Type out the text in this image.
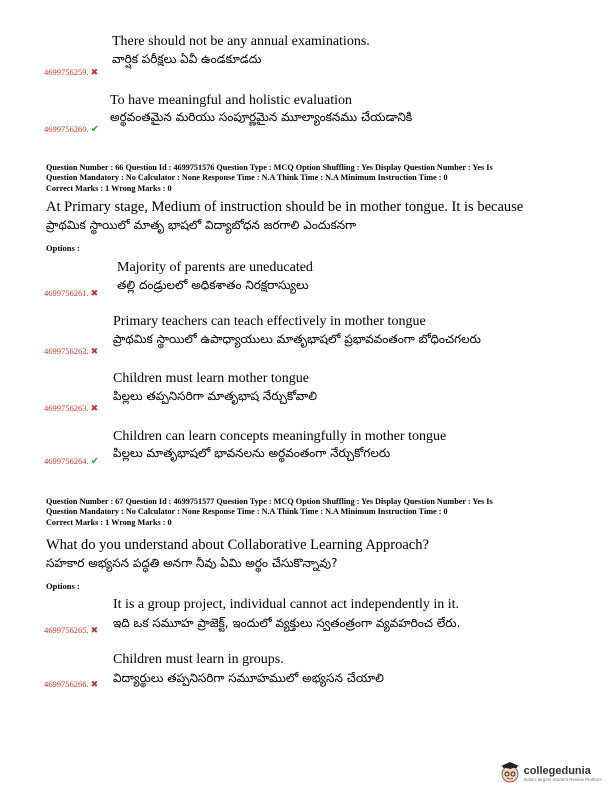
There should not be any annual examinations.
వార్షిక పరీక్షలు ఏవీ ఉండకూడదు
4699756259. ✖
To have meaningful and holistic evaluation
అర్థవంతమైన మరియు సంపూర్ణమైన మూల్యాంకనము చేయడానికి
4699756260. ✔
Question Number : 66 Question Id : 4699751576 Question Type : MCQ Option Shuffling : Yes Display Question Number : Yes Is
Question Mandatory : No Calculator : None Response Time : N.A Think Time : N.A Minimum Instruction Time : 0
Correct Marks : 1 Wrong Marks : 0
At Primary stage, Medium of instruction should be in mother tongue. It is because
ప్రాథమిక స్థాయిలో మాతృ భాషలో విద్యాబోధన జరగాలి ఎందుకనగా
Options :
Majority of parents are uneducated
తల్లి దండ్రులలో అధికశాతం నిరక్షరాస్యులు
4699756261. ✖
Primary teachers can teach effectively in mother tongue
ప్రాథమిక స్థాయిలో ఉపాధ్యాయులు మాతృభాషలో ప్రభావవంతంగా బోధించగలరు
4699756262. ✖
Children must learn mother tongue
పిల్లలు తప్పనిసరిగా మాతృభాష నేర్చుకోవాలి
4699756263. ✖
Children can learn concepts meaningfully in mother tongue
పిల్లలు మాతృభాషలో భావనలను అర్థవంతంగా నేర్చుకోగలరు
4699756264. ✔
Question Number : 67 Question Id : 4699751577 Question Type : MCQ Option Shuffling : Yes Display Question Number : Yes Is
Question Mandatory : No Calculator : None Response Time : N.A Think Time : N.A Minimum Instruction Time : 0
Correct Marks : 1 Wrong Marks : 0
What do you understand about Collaborative Learning Approach?
సహకార అభ్యసన పద్ధతి అనగా నీవు ఏమి అర్థం చేసుకొన్నావు?
Options :
It is a group project, individual cannot act independently in it.
ఇది ఒక సమూహ ప్రాజెక్ట్, ఇందులో వ్యక్తులు స్వతంత్రంగా వ్యవహరించ లేరు.
4699756265. ✖
Children must learn in groups.
విద్యార్థులు తప్పనిసరిగా సమూహములో అభ్యసన చేయాలి
4699756266. ✖
collegedunia
India's largest Student Review Platform
